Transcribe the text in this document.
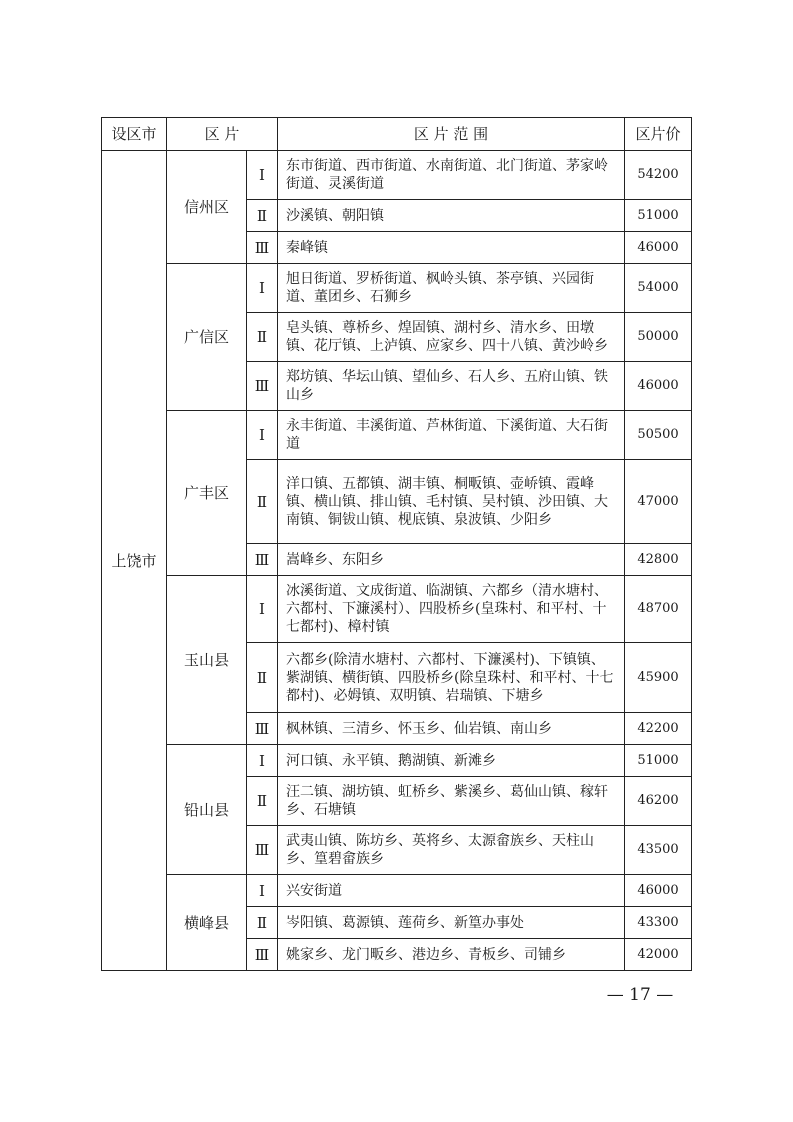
设区市	区 片		区 片 范 围	区片价
上饶市	信州区	Ⅰ	东市街道、西市街道、水南街道、北门街道、茅家岭街道、灵溪街道	54200
		Ⅱ	沙溪镇、朝阳镇	51000
		Ⅲ	秦峰镇	46000
	广信区	Ⅰ	旭日街道、罗桥街道、枫岭头镇、茶亭镇、兴园街道、董团乡、石狮乡	54000
		Ⅱ	皂头镇、尊桥乡、煌固镇、湖村乡、清水乡、田墩镇、花厅镇、上泸镇、应家乡、四十八镇、黄沙岭乡	50000
		Ⅲ	郑坊镇、华坛山镇、望仙乡、石人乡、五府山镇、铁山乡	46000
	广丰区	Ⅰ	永丰街道、丰溪街道、芦林街道、下溪街道、大石街道	50500
		Ⅱ	洋口镇、五都镇、湖丰镇、桐畈镇、壶峤镇、霞峰镇、横山镇、排山镇、毛村镇、吴村镇、沙田镇、大南镇、铜钹山镇、枧底镇、泉波镇、少阳乡	47000
		Ⅲ	嵩峰乡、东阳乡	42800
	玉山县	Ⅰ	冰溪街道、文成街道、临湖镇、六都乡（清水塘村、六都村、下濂溪村）、四股桥乡(皇珠村、和平村、十七都村)、樟村镇	48700
		Ⅱ	六都乡(除清水塘村、六都村、下濂溪村)、下镇镇、紫湖镇、横街镇、四股桥乡(除皇珠村、和平村、十七都村)、必姆镇、双明镇、岩瑞镇、下塘乡	45900
		Ⅲ	枫林镇、三清乡、怀玉乡、仙岩镇、南山乡	42200
	铅山县	Ⅰ	河口镇、永平镇、鹅湖镇、新滩乡	51000
		Ⅱ	汪二镇、湖坊镇、虹桥乡、紫溪乡、葛仙山镇、稼轩乡、石塘镇	46200
		Ⅲ	武夷山镇、陈坊乡、英将乡、太源畲族乡、天柱山乡、篁碧畲族乡	43500
	横峰县	Ⅰ	兴安街道	46000
		Ⅱ	岑阳镇、葛源镇、莲荷乡、新篁办事处	43300
		Ⅲ	姚家乡、龙门畈乡、港边乡、青板乡、司铺乡	42000
— 17 —
